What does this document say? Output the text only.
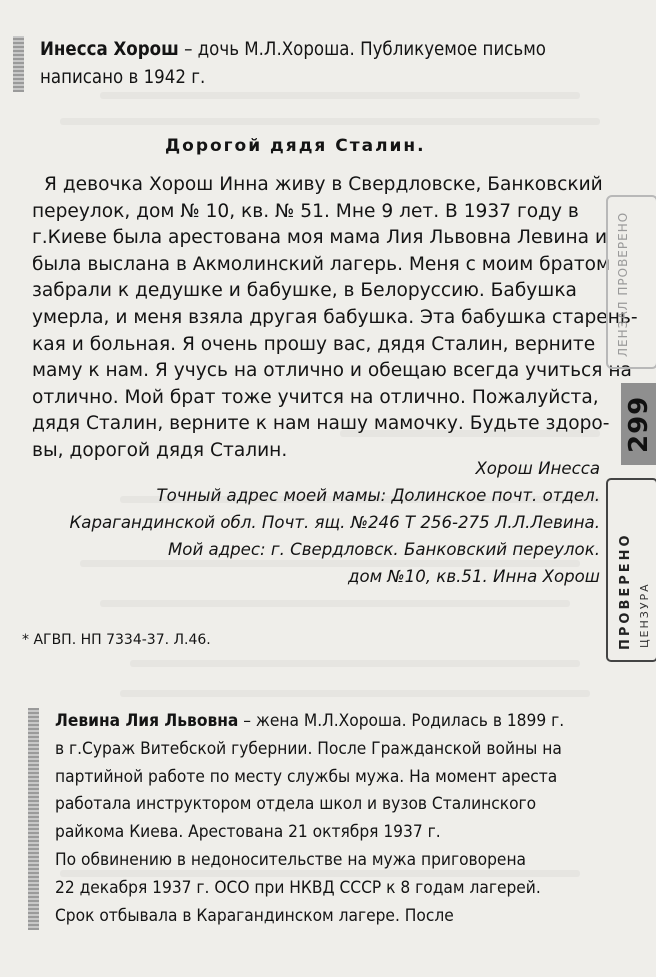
Инесса Хорош – дочь М.Л.Хороша. Публикуемое письмо
написано в 1942 г.
Дорогой дядя Сталин.
Я девочка Хорош Инна живу в Свердловске, Банковский
переулок, дом № 10, кв. № 51. Мне 9 лет. В 1937 году в
г.Киеве была арестована моя мама Лия Львовна Левина и
была выслана в Акмолинский лагерь. Меня с моим братом
забрали к дедушке и бабушке, в Белоруссию. Бабушка
умерла, и меня взяла другая бабушка. Эта бабушка старень-
кая и больная. Я очень прошу вас, дядя Сталин, верните
маму к нам. Я учусь на отлично и обещаю всегда учиться на
отлично. Мой брат тоже учится на отлично. Пожалуйста,
дядя Сталин, верните к нам нашу мамочку. Будьте здоро-
вы, дорогой дядя Сталин.
Хорош Инесса
Точный адрес моей мамы: Долинское почт. отдел.
Карагандинской обл. Почт. ящ. №246 Т 256-275 Л.Л.Левина.
Мой адрес: г. Свердловск. Банковский переулок.
дом №10, кв.51. Инна Хорош
* АГВП. НП 7334-37. Л.46.
Левина Лия Львовна – жена М.Л.Хороша. Родилась в 1899 г.
в г.Сураж Витебской губернии. После Гражданской войны на
партийной работе по месту службы мужа. На момент ареста
работала инструктором отдела школ и вузов Сталинского
райкома Киева. Арестована 21 октября 1937 г.
По обвинению в недоносительстве на мужа приговорена
22 декабря 1937 г. ОСО при НКВД СССР к 8 годам лагерей.
Срок отбывала в Карагандинском лагере. После
ЛЕНЗАЛ ПРОВЕРЕНО
299
ПРОВЕРЕНО ЦЕНЗУРА
